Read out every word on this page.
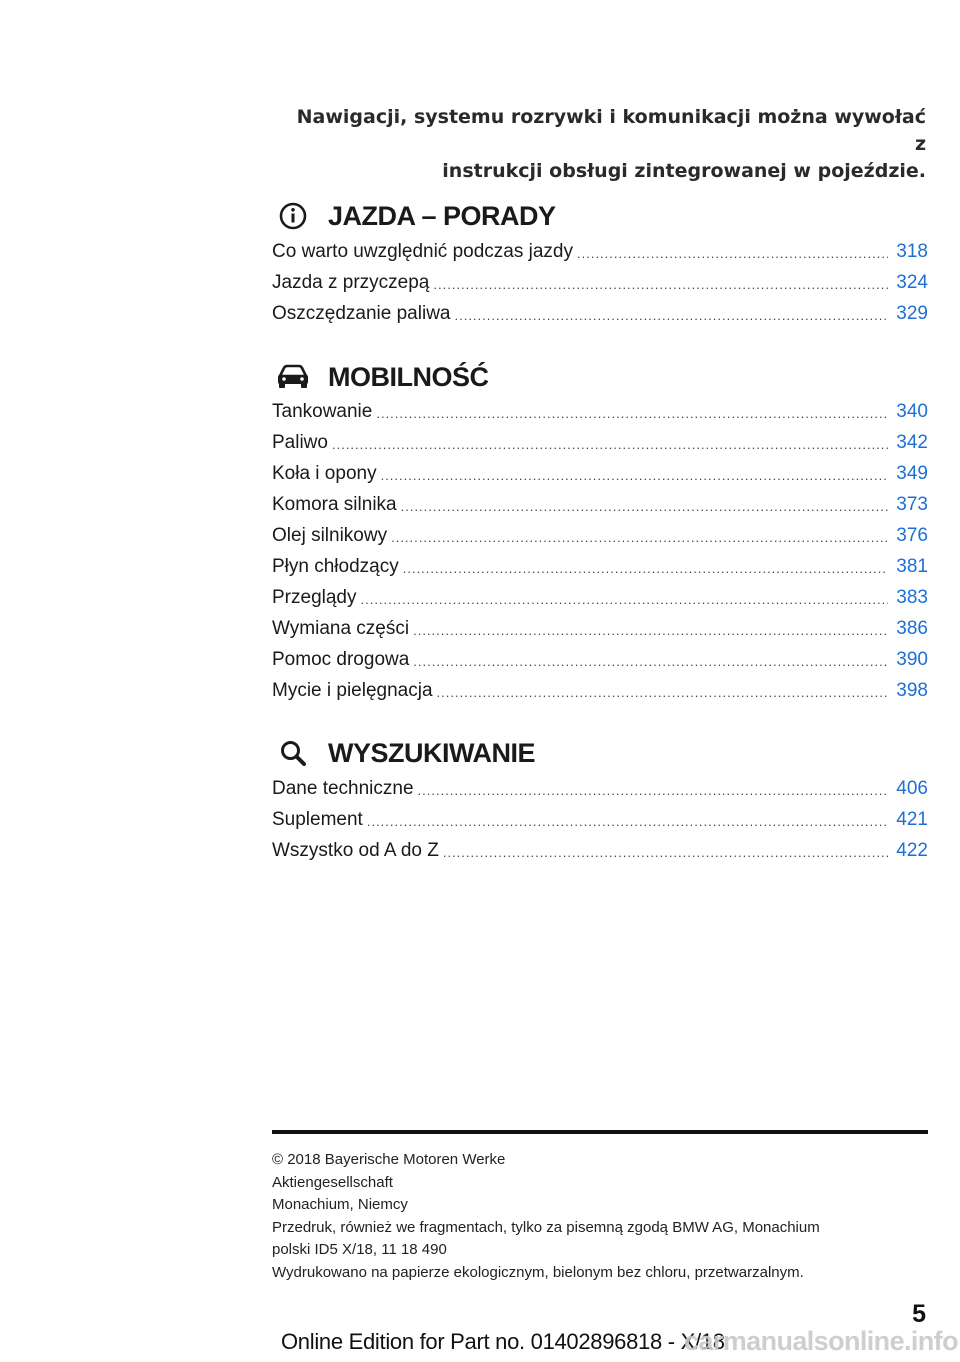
Nawigacji, systemu rozrywki i komunikacji można wywołać z
instrukcji obsługi zintegrowanej w pojeździe.
JAZDA – PORADY
Co warto uwzględnić podczas jazdy .....	318
Jazda z przyczepą .....	324
Oszczędzanie paliwa .....	329
MOBILNOŚĆ
Tankowanie .....	340
Paliwo .....	342
Koła i opony .....	349
Komora silnika .....	373
Olej silnikowy .....	376
Płyn chłodzący .....	381
Przeglądy .....	383
Wymiana części .....	386
Pomoc drogowa .....	390
Mycie i pielęgnacja .....	398
WYSZUKIWANIE
Dane techniczne .....	406
Suplement .....	421
Wszystko od A do Z .....	422
© 2018 Bayerische Motoren Werke
Aktiengesellschaft
Monachium, Niemcy
Przedruk, również we fragmentach, tylko za pisemną zgodą BMW AG, Monachium
polski ID5 X/18, 11 18 490
Wydrukowano na papierze ekologicznym, bielonym bez chloru, przetwarzalnym.
5
Online Edition for Part no. 01402896818 - X/18
carmanualsonline.info
